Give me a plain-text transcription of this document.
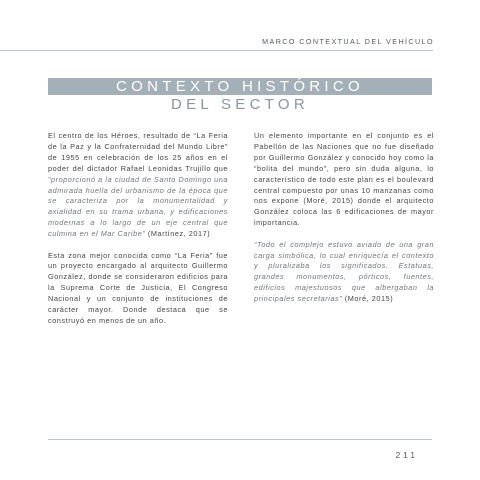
MARCO CONTEXTUAL DEL VEHÍCULO
CONTEXTO HISTÓRICO
DEL SECTOR

El centro de los Héroes, resultado de “La Feria de la Paz y la Confraternidad del Mundo Libre” de 1955 en celebración de los 25 años en el poder del dictador Rafael Leonidas Trujillo que “proporcionó a la ciudad de Santo Domingo una admirada huella del urbanismo de la época que se caracteriza por la monumentalidad y axialidad en su trama urbana, y edificaciones modernas a lo largo de un eje central que culmina en el Mar Caribe” (Martínez, 2017)

Esta zona mejor conocida como “La Feria” fue un proyecto encargado al arquitecto Guillermo González, donde se consideraron edificios para la Suprema Corte de Justicia, El Congreso Nacional y un conjunto de instituciones de carácter mayor. Donde destaca que se construyó en menos de un año.

Un elemento importante en el conjunto es el Pabellón de las Naciones que no fue diseñado por Guillermo González y conocido hoy como la “bolita del mundo”, pero sin duda alguna, lo característico de todo este plan es el boulevard central compuesto por unas 10 manzanas como nos expone (Moré, 2015) donde el arquitecto González coloca las 6 edificaciones de mayor importancia.

“Todo el complejo estuvo aviado de una gran carga simbólica, lo cual enriquecía el contexto y pluralizaba los significados. Estatuas, grandes monumentos, pórticos, fuentes, edificios majestuosos que albergaban la principales secretarias” (Moré, 2015)

211
